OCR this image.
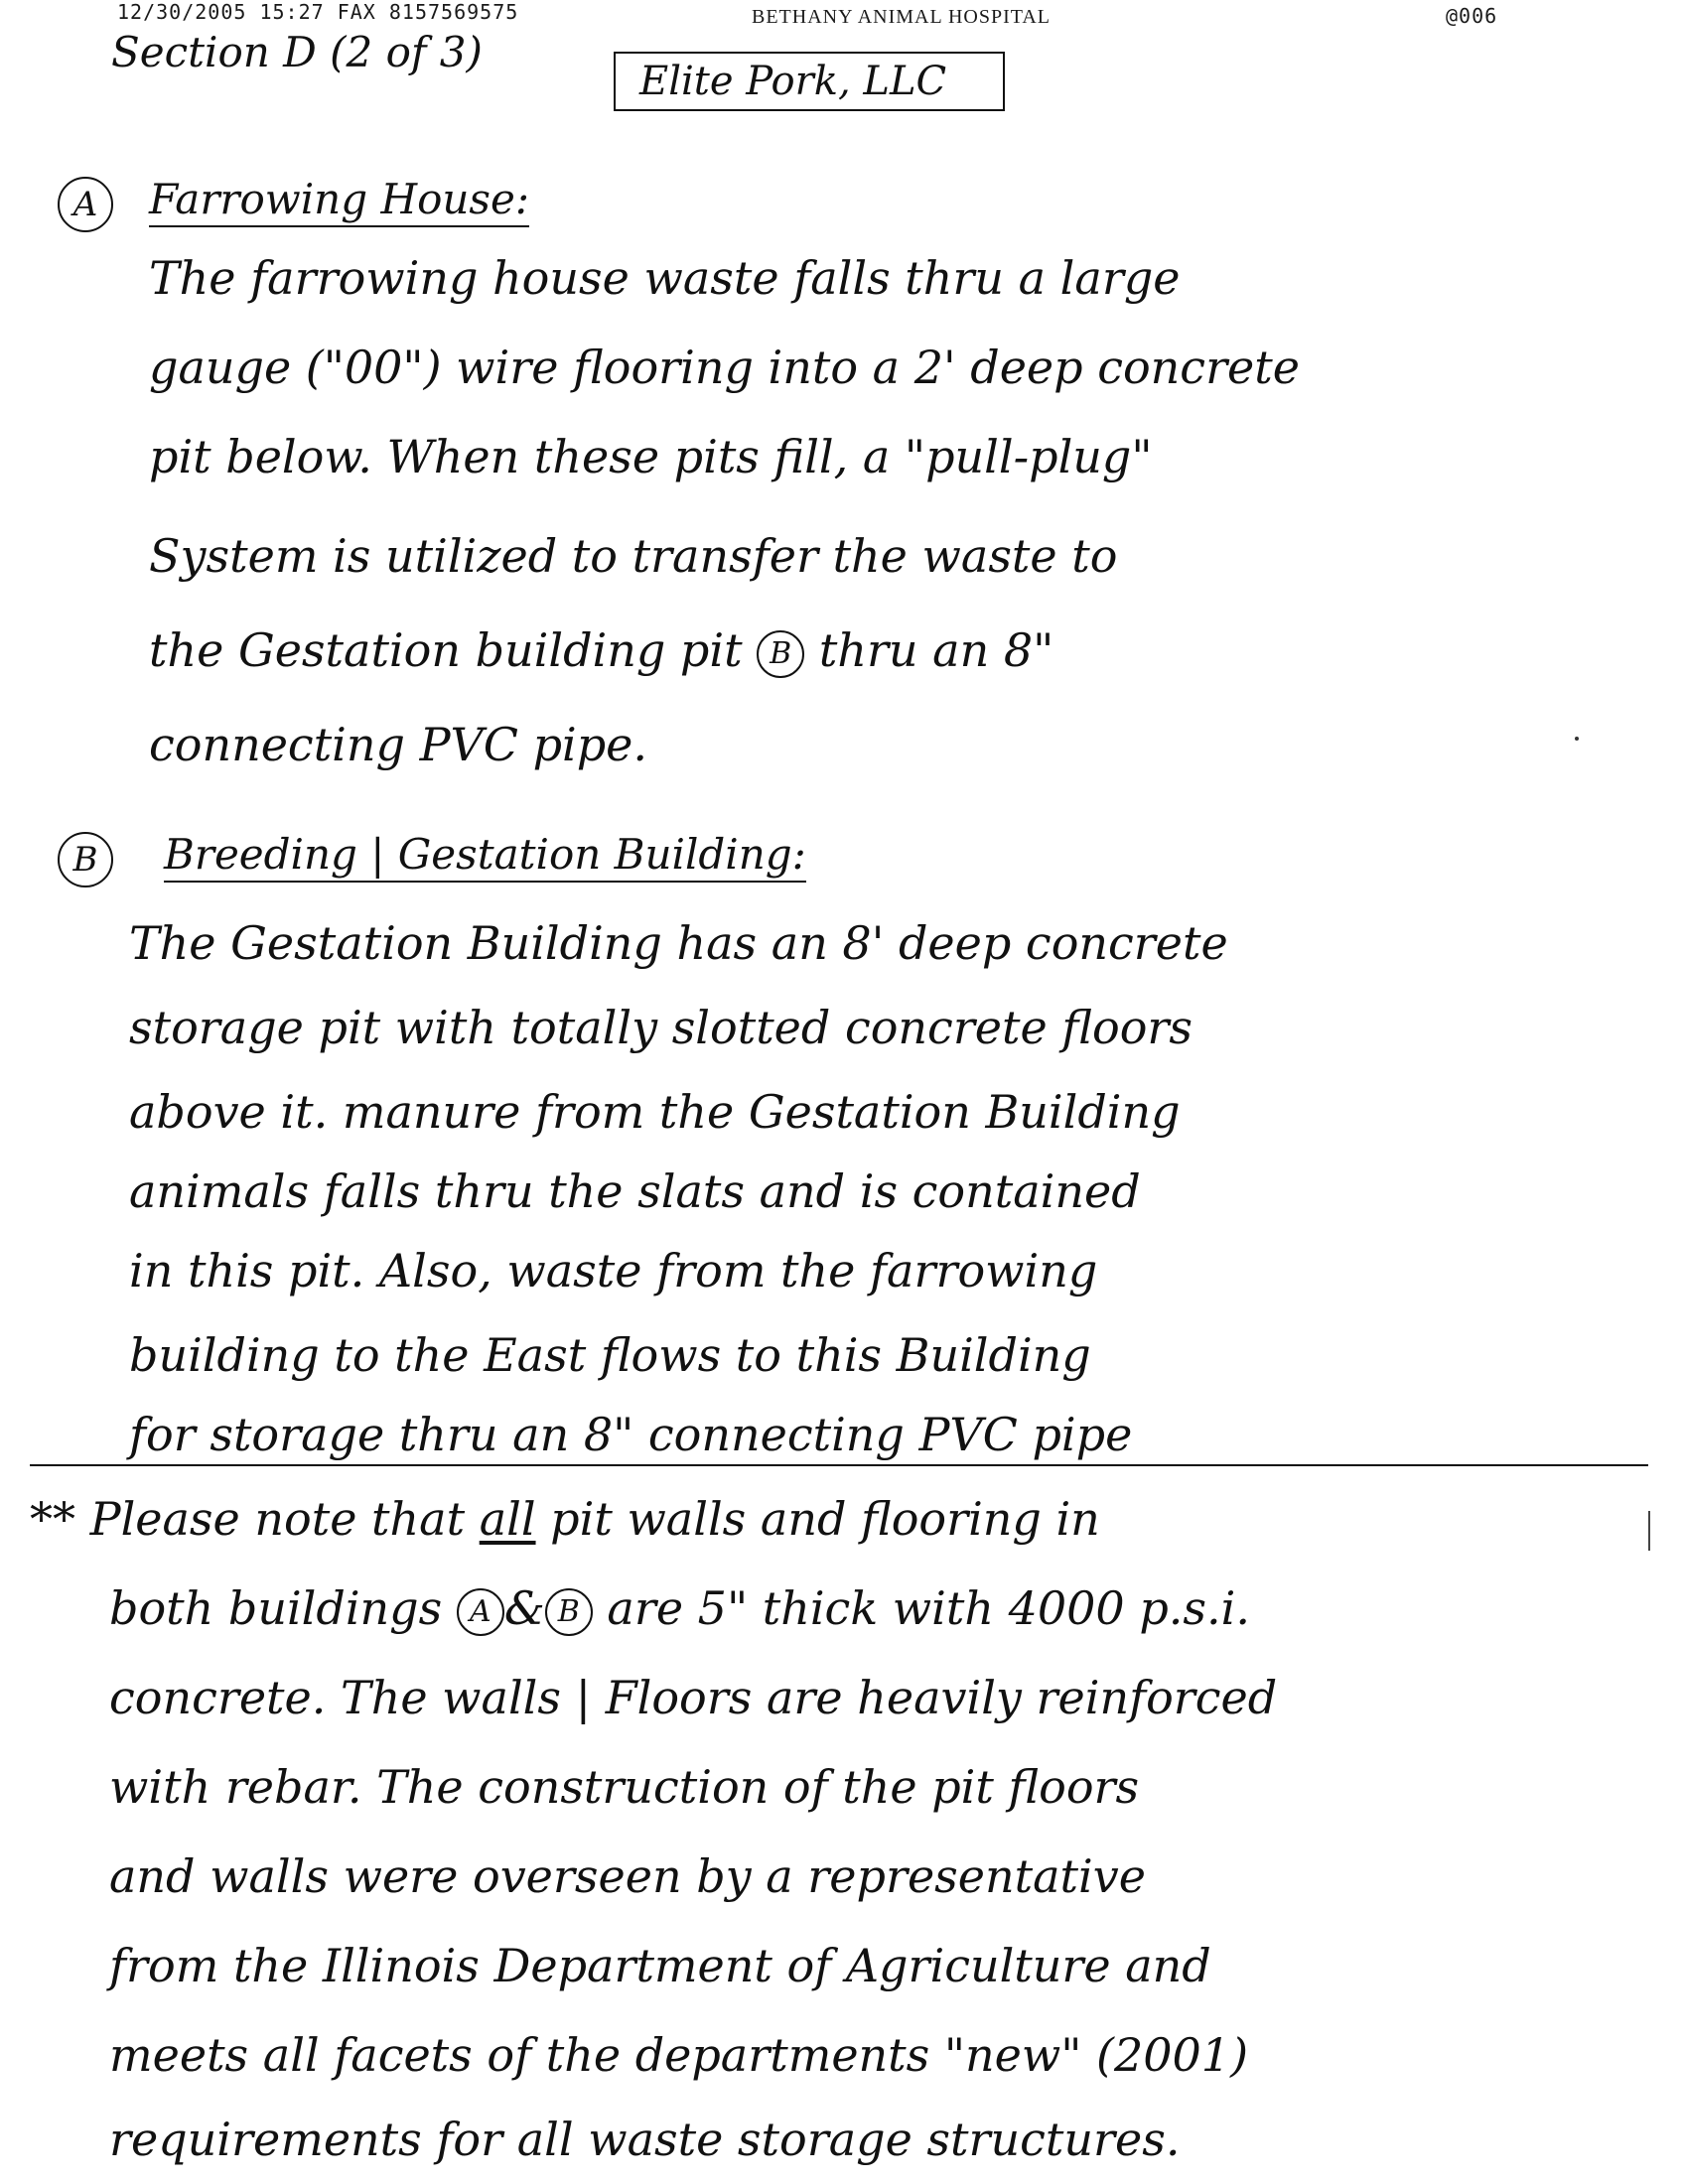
12/30/2005 15:27 FAX 8157569575	BETHANY ANIMAL HOSPITAL	@006
Section D (2 of 3)
Elite Pork, LLC
A	Farrowing House:
The farrowing house waste falls thru a large
gauge ("00") wire flooring into a 2' deep concrete
pit below. When these pits fill, a "pull-plug"
System is utilized to transfer the waste to
the Gestation building pit B thru an 8"
connecting PVC pipe.
B	Breeding | Gestation Building:
The Gestation Building has an 8' deep concrete
storage pit with totally slotted concrete floors
above it. manure from the Gestation Building
animals falls thru the slats and is contained
in this pit. Also, waste from the farrowing
building to the East flows to this Building
for storage thru an 8" connecting PVC pipe
** Please note that all pit walls and flooring in
both buildings A & B are 5" thick with 4000 p.s.i.
concrete. The walls | Floors are heavily reinforced
with rebar. The construction of the pit floors
and walls were overseen by a representative
from the Illinois Department of Agriculture and
meets all facets of the departments "new" (2001)
requirements for all waste storage structures.
